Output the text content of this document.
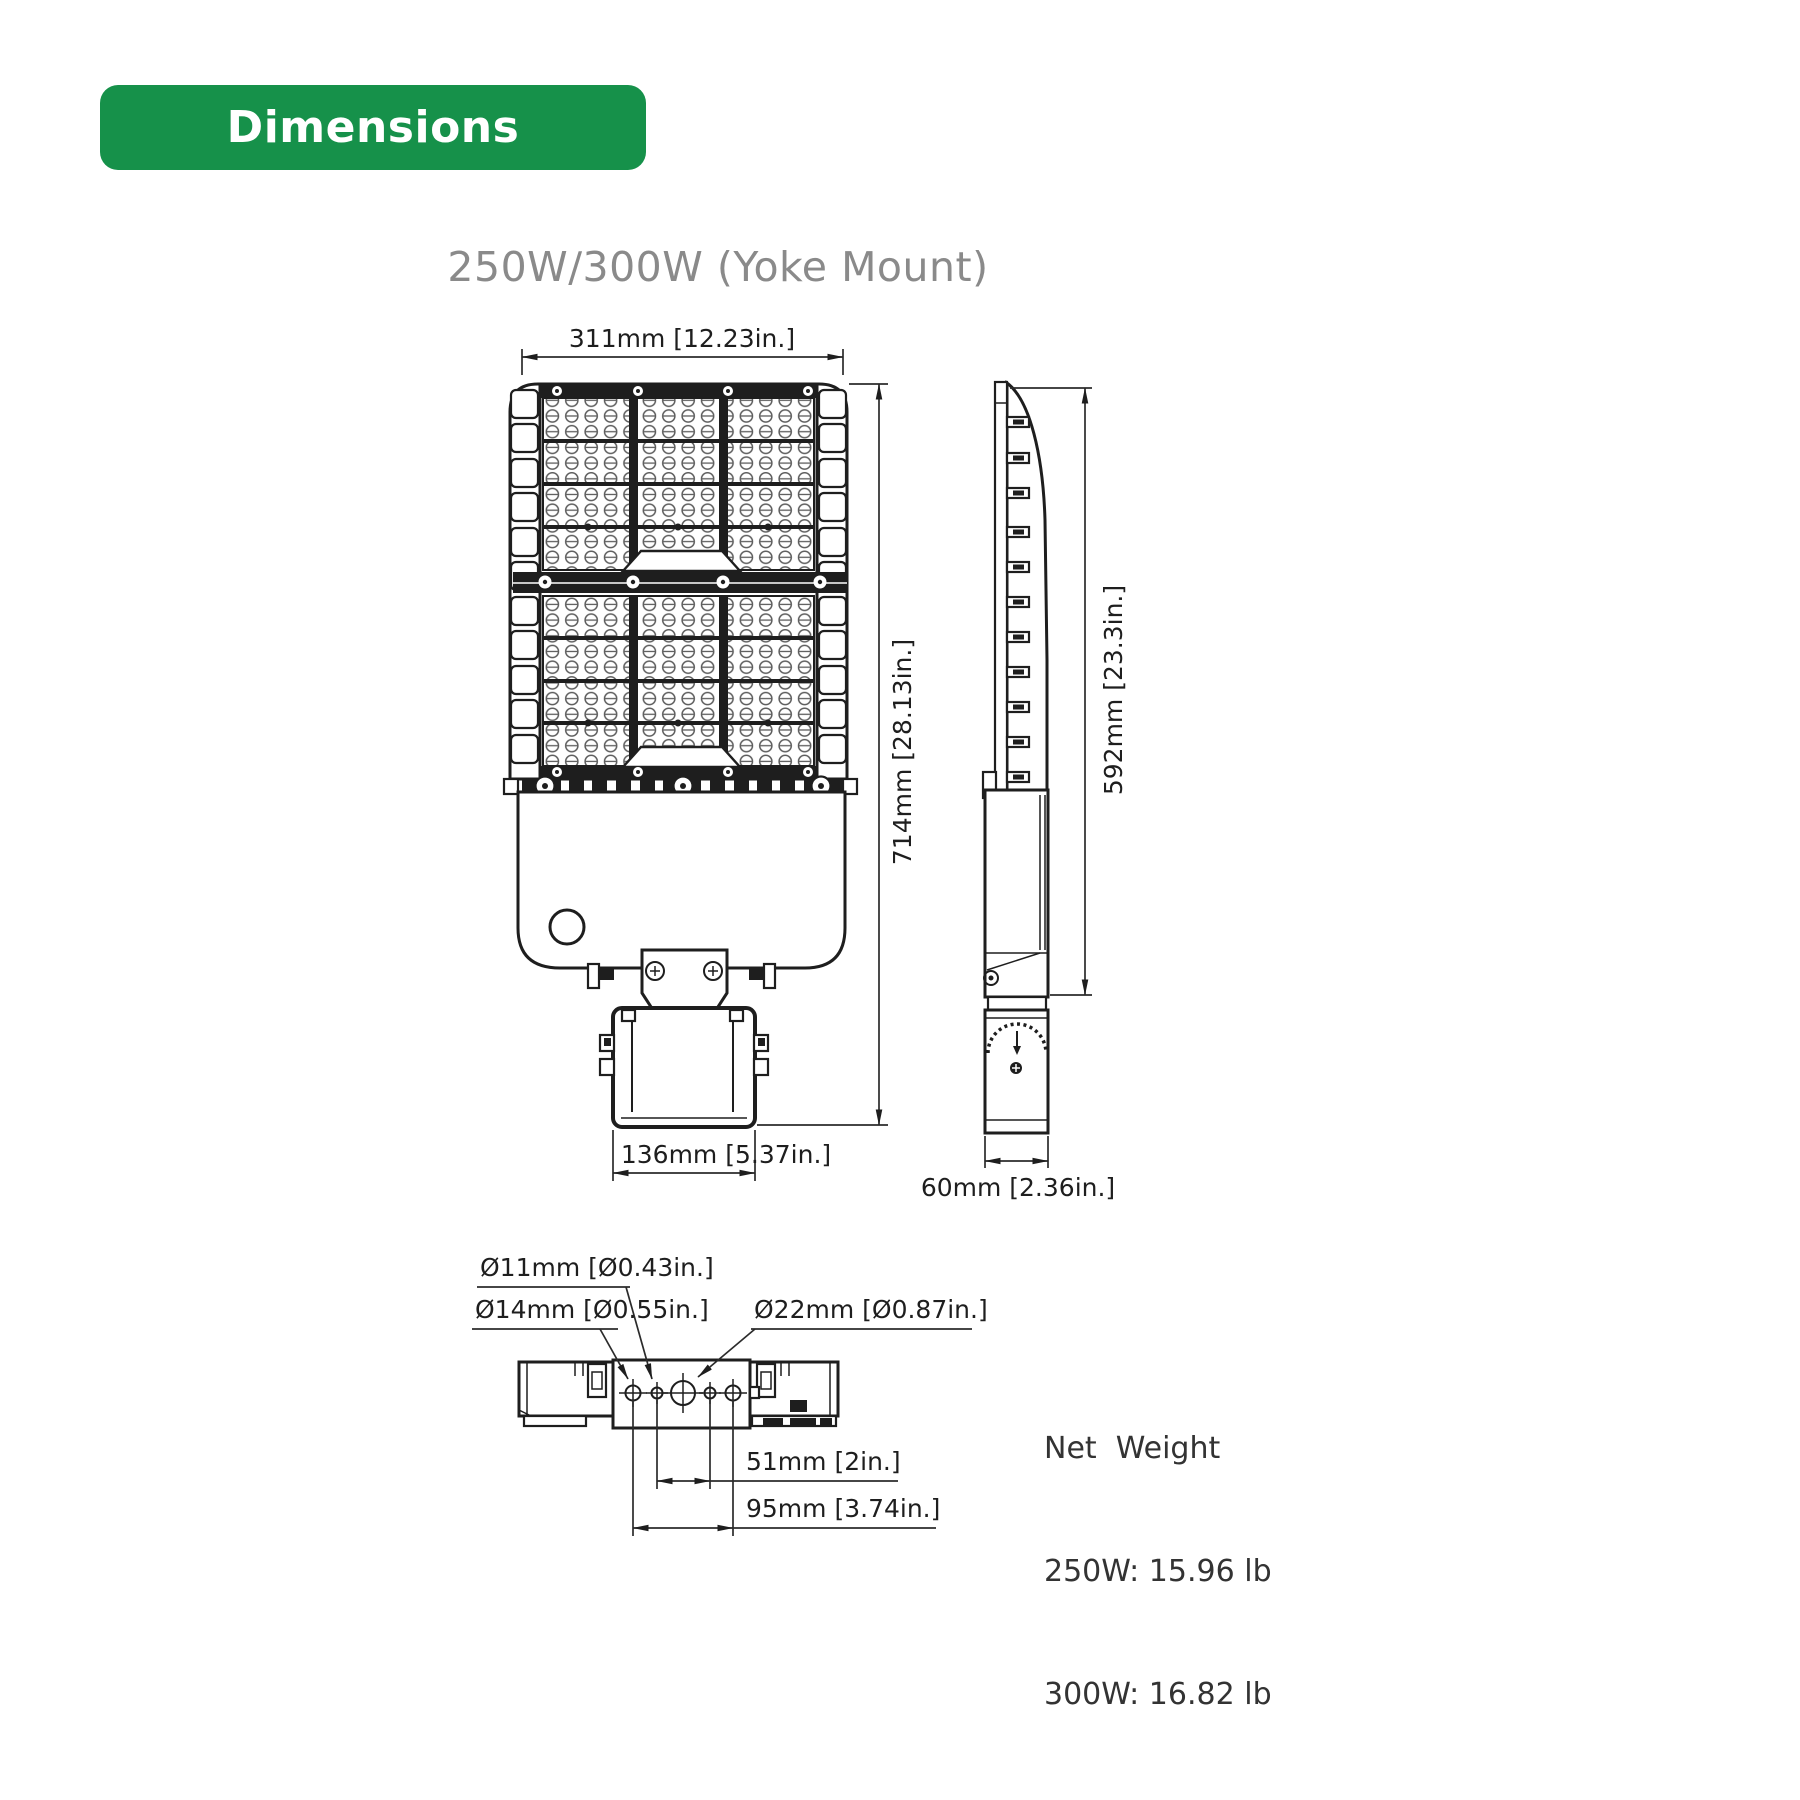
Dimensions
250W/300W (Yoke Mount)
311mm [12.23in.]
714mm [28.13in.]
136mm [5.37in.]
592mm [23.3in.]
60mm [2.36in.]
Ø11mm [Ø0.43in.]
Ø14mm [Ø0.55in.] Ø22mm [Ø0.87in.]
51mm [2in.]
95mm [3.74in.]

Net  Weight

250W: 15.96 lb

300W: 16.82 lb
